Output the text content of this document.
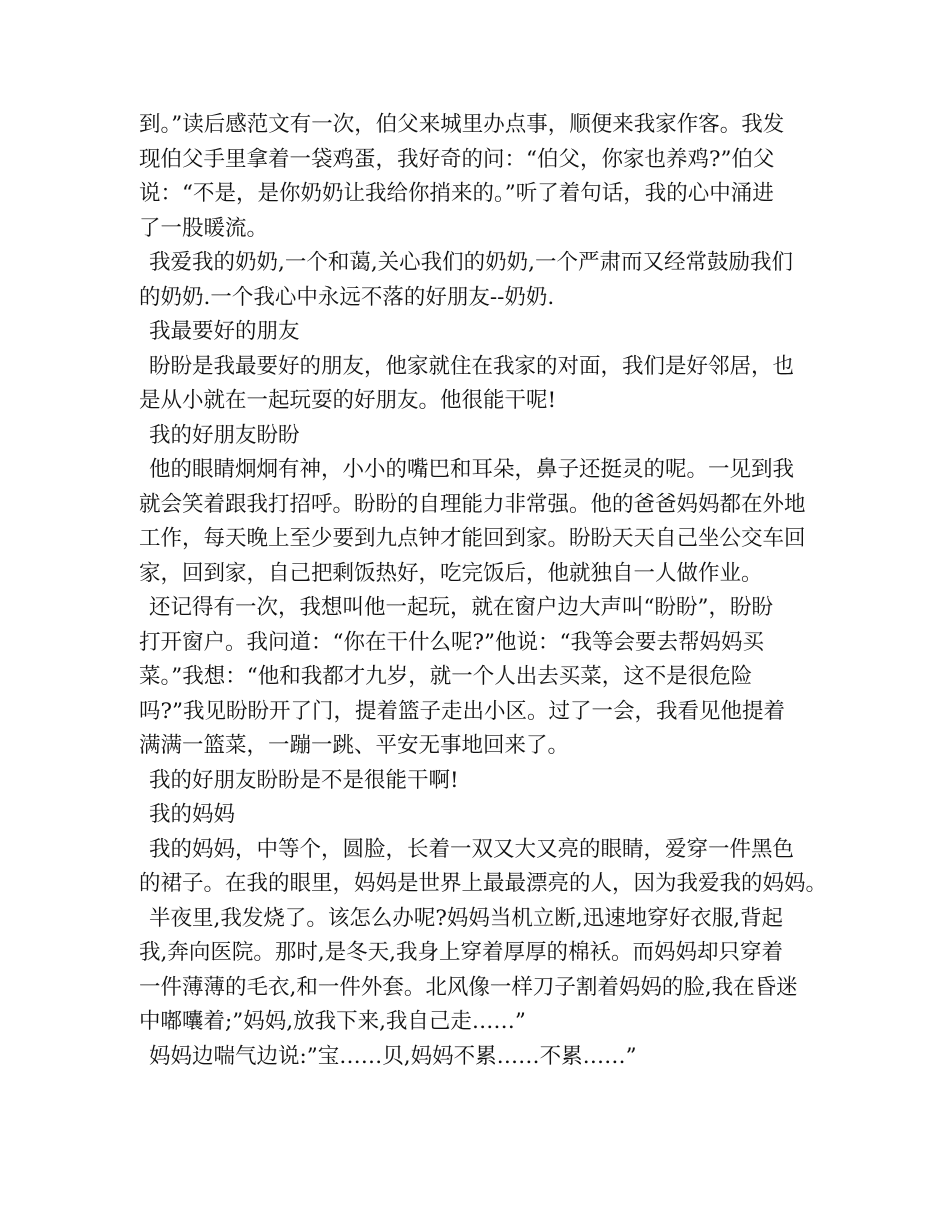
到。”读后感范文有一次，伯父来城里办点事，顺便来我家作客。我发
现伯父手里拿着一袋鸡蛋，我好奇的问：“伯父，你家也养鸡?”伯父
说：“不是，是你奶奶让我给你捎来的。”听了着句话，我的心中涌进
了一股暖流。
我爱我的奶奶,一个和蔼,关心我们的奶奶,一个严肃而又经常鼓励我们
的奶奶.一个我心中永远不落的好朋友--奶奶.
我最要好的朋友
盼盼是我最要好的朋友，他家就住在我家的对面，我们是好邻居，也
是从小就在一起玩耍的好朋友。他很能干呢!
我的好朋友盼盼
他的眼睛炯炯有神，小小的嘴巴和耳朵，鼻子还挺灵的呢。一见到我
就会笑着跟我打招呼。盼盼的自理能力非常强。他的爸爸妈妈都在外地
工作，每天晚上至少要到九点钟才能回到家。盼盼天天自己坐公交车回
家，回到家，自己把剩饭热好，吃完饭后，他就独自一人做作业。
还记得有一次，我想叫他一起玩，就在窗户边大声叫“盼盼”，盼盼
打开窗户。我问道：“你在干什么呢?”他说：“我等会要去帮妈妈买
菜。”我想：“他和我都才九岁，就一个人出去买菜，这不是很危险
吗?”我见盼盼开了门，提着篮子走出小区。过了一会，我看见他提着
满满一篮菜，一蹦一跳、平安无事地回来了。
我的好朋友盼盼是不是很能干啊!
我的妈妈
我的妈妈，中等个，圆脸，长着一双又大又亮的眼睛，爱穿一件黑色
的裙子。在我的眼里，妈妈是世界上最最漂亮的人，因为我爱我的妈妈。
半夜里,我发烧了。该怎么办呢?妈妈当机立断,迅速地穿好衣服,背起
我,奔向医院。那时,是冬天,我身上穿着厚厚的棉袄。而妈妈却只穿着
一件薄薄的毛衣,和一件外套。北风像一样刀子割着妈妈的脸,我在昏迷
中嘟囔着;”妈妈,放我下来,我自己走……”
妈妈边喘气边说:”宝……贝,妈妈不累……不累……”
